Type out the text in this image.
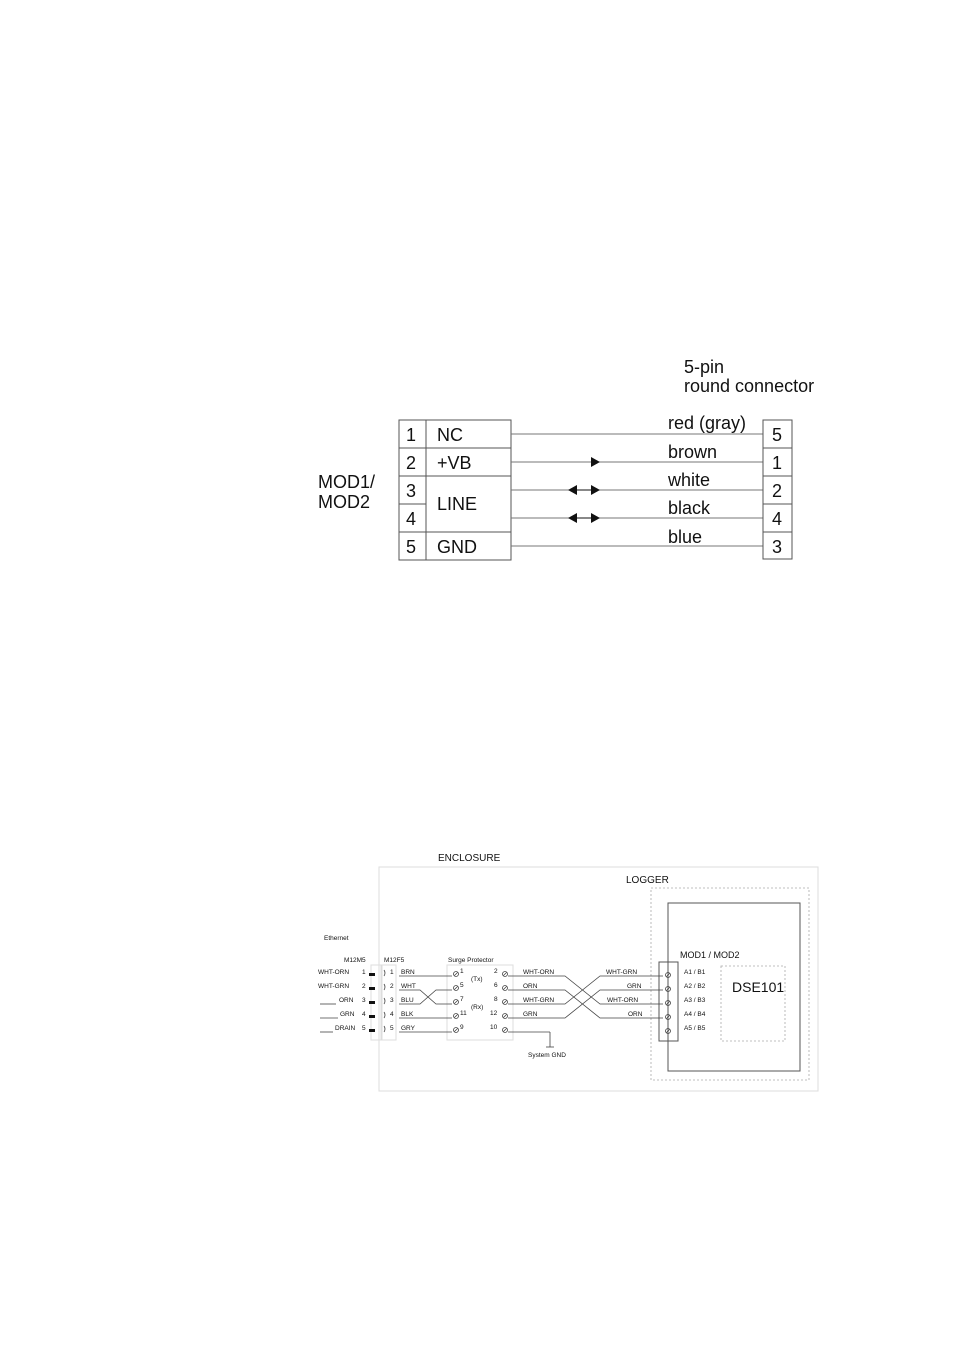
5-pin
round connector
MOD1/
MOD2
1
2
3
4
5
NC
+VB
LINE
GND
red (gray)
brown
white
black
blue
5
1
2
4
3
ENCLOSURE
LOGGER
MOD1 / MOD2
DSE101
Ethernet
M12M5	M12F5	Surge Protector
WHT-ORN 1
WHT-GRN 2
ORN 3
GRN 4
DRAIN 5
1 BRN
2 WHT
3 BLU
4 BLK
5 GRY
1
5
7
11
9
2
6
8
12
10
(Tx)
(Rx)
System GND
WHT-ORN
ORN
WHT-GRN
GRN
WHT-GRN
GRN
WHT-ORN
ORN
A1 / B1
A2 / B2
A3 / B3
A4 / B4
A5 / B5
